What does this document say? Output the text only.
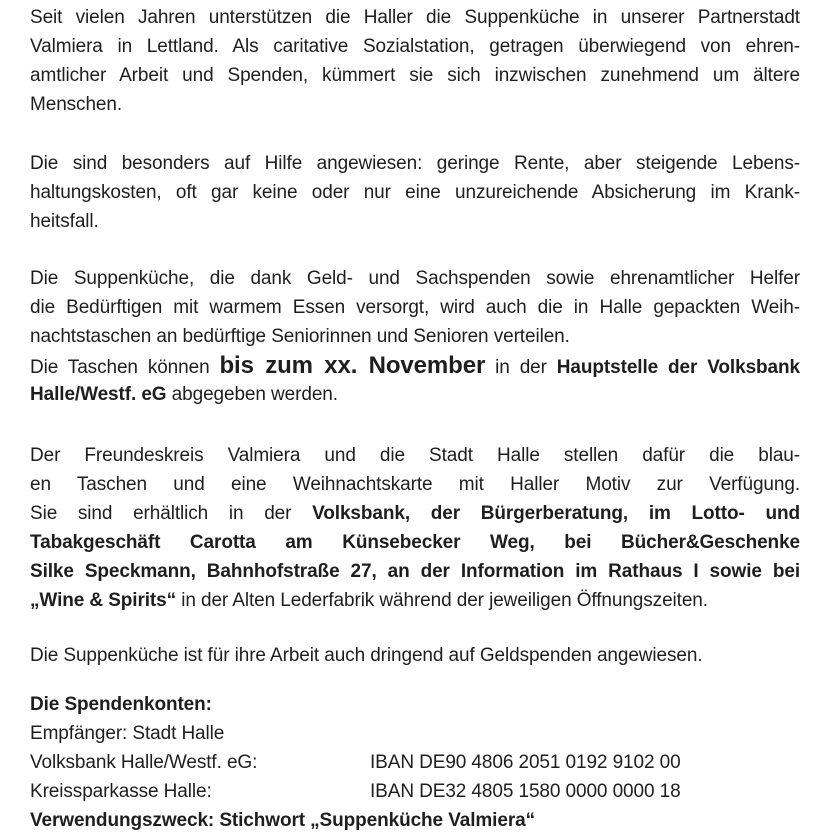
Seit vielen Jahren unterstützen die Haller die Suppenküche in unserer Partnerstadt
Valmiera in Lettland. Als caritative Sozialstation, getragen überwiegend von ehren-
amtlicher Arbeit und Spenden, kümmert sie sich inzwischen zunehmend um ältere
Menschen.
Die sind besonders auf Hilfe angewiesen: geringe Rente, aber steigende Lebens-
haltungskosten, oft gar keine oder nur eine unzureichende Absicherung im Krank-
heitsfall.
Die Suppenküche, die dank Geld- und Sachspenden sowie ehrenamtlicher Helfer
die Bedürftigen mit warmem Essen versorgt, wird auch die in Halle gepackten Weih-
nachtstaschen an bedürftige Seniorinnen und Senioren verteilen.
Die Taschen können bis zum xx. November in der Hauptstelle der Volksbank
Halle/Westf. eG abgegeben werden.
Der Freundeskreis Valmiera und die Stadt Halle stellen dafür die blau-
en Taschen und eine Weihnachtskarte mit Haller Motiv zur Verfügung.
Sie sind erhältlich in der Volksbank, der Bürgerberatung, im Lotto- und
Tabakgeschäft Carotta am Künsebecker Weg, bei Bücher&Geschenke
Silke Speckmann, Bahnhofstraße 27, an der Information im Rathaus I sowie bei
„Wine & Spirits“ in der Alten Lederfabrik während der jeweiligen Öffnungszeiten.
Die Suppenküche ist für ihre Arbeit auch dringend auf Geldspenden angewiesen.
Die Spendenkonten:
Empfänger: Stadt Halle
Volksbank Halle/Westf. eG:	IBAN DE90 4806 2051 0192 9102 00
Kreissparkasse Halle:	IBAN DE32 4805 1580 0000 0000 18
Verwendungszweck: Stichwort „Suppenküche Valmiera“
